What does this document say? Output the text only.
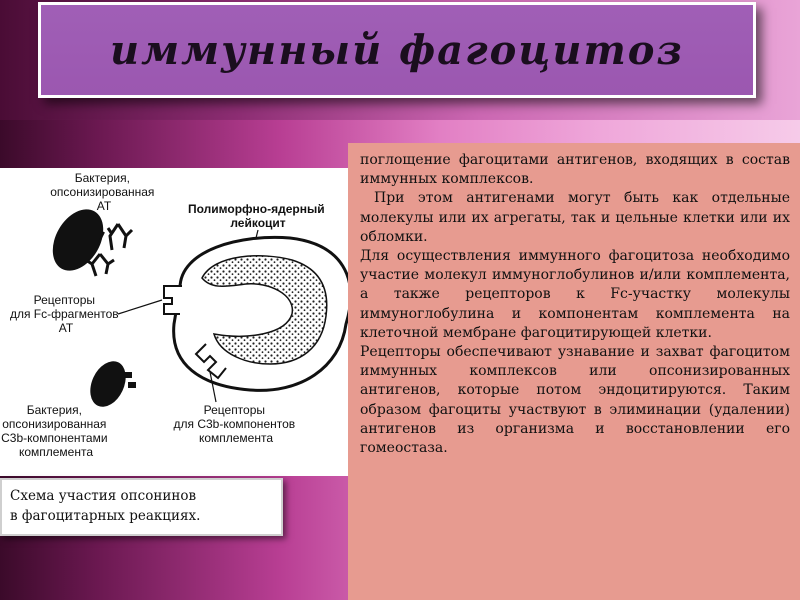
иммунный фагоцитоз
Бактерия, опсонизированная АТ	Полиморфно-ядерный лейкоцит
Рецепторы для Fc-фрагментов АТ
Бактерия, опсонизированная С3b-компонентами комплемента
Рецепторы для С3b-компонентов комплемента
Схема участия опсонинов
в фагоцитарных реакциях.

поглощение фагоцитами антигенов, входящих в состав иммунных комплексов.

При этом антигенами могут быть как отдельные молекулы или их агрегаты, так и цельные клетки или их обломки.

Для осуществления иммунного фагоцитоза необходимо участие молекул иммуноглобулинов и/или комплемента, а также рецепторов к Fc-участку молекулы иммуноглобулина и компонентам комплемента на клеточной мембране фагоцитирующей клетки.

Рецепторы обеспечивают узнавание и захват фагоцитом иммунных комплексов или опсонизированных антигенов, которые потом эндоцитируются. Таким образом фагоциты участвуют в элиминации (удалении) антигенов из организма и восстановлении его гомеостаза.
